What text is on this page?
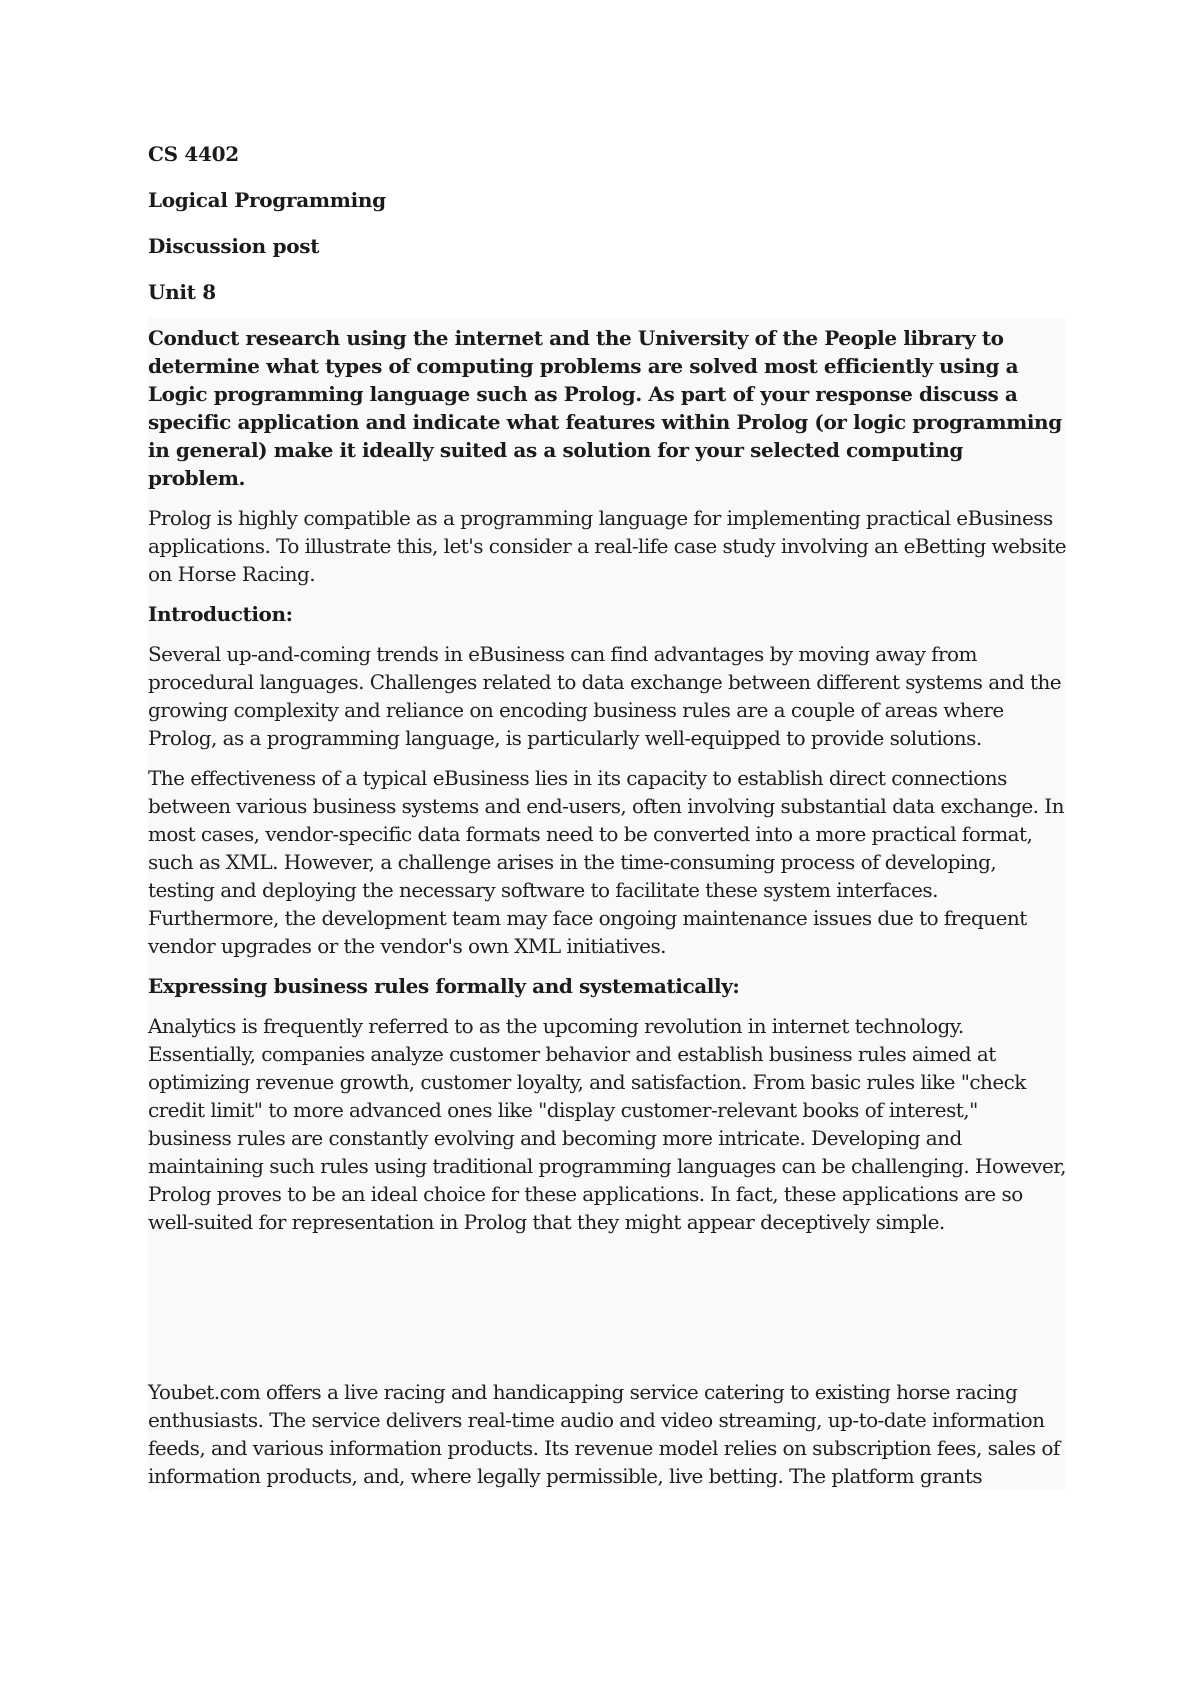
CS 4402

Logical Programming

Discussion post

Unit 8

Conduct research using the internet and the University of the People library to determine what types of computing problems are solved most efficiently using a Logic programming language such as Prolog. As part of your response discuss a specific application and indicate what features within Prolog (or logic programming in general) make it ideally suited as a solution for your selected computing problem.

Prolog is highly compatible as a programming language for implementing practical eBusiness applications. To illustrate this, let's consider a real-life case study involving an eBetting website on Horse Racing.

Introduction:

Several up-and-coming trends in eBusiness can find advantages by moving away from procedural languages. Challenges related to data exchange between different systems and the growing complexity and reliance on encoding business rules are a couple of areas where Prolog, as a programming language, is particularly well-equipped to provide solutions.

The effectiveness of a typical eBusiness lies in its capacity to establish direct connections between various business systems and end-users, often involving substantial data exchange. In most cases, vendor-specific data formats need to be converted into a more practical format, such as XML. However, a challenge arises in the time-consuming process of developing, testing and deploying the necessary software to facilitate these system interfaces. Furthermore, the development team may face ongoing maintenance issues due to frequent vendor upgrades or the vendor's own XML initiatives.

Expressing business rules formally and systematically:

Analytics is frequently referred to as the upcoming revolution in internet technology. Essentially, companies analyze customer behavior and establish business rules aimed at optimizing revenue growth, customer loyalty, and satisfaction. From basic rules like "check credit limit" to more advanced ones like "display customer-relevant books of interest," business rules are constantly evolving and becoming more intricate. Developing and maintaining such rules using traditional programming languages can be challenging. However, Prolog proves to be an ideal choice for these applications. In fact, these applications are so well-suited for representation in Prolog that they might appear deceptively simple.

Youbet.com offers a live racing and handicapping service catering to existing horse racing enthusiasts. The service delivers real-time audio and video streaming, up-to-date information feeds, and various information products. Its revenue model relies on subscription fees, sales of information products, and, where legally permissible, live betting. The platform grants
